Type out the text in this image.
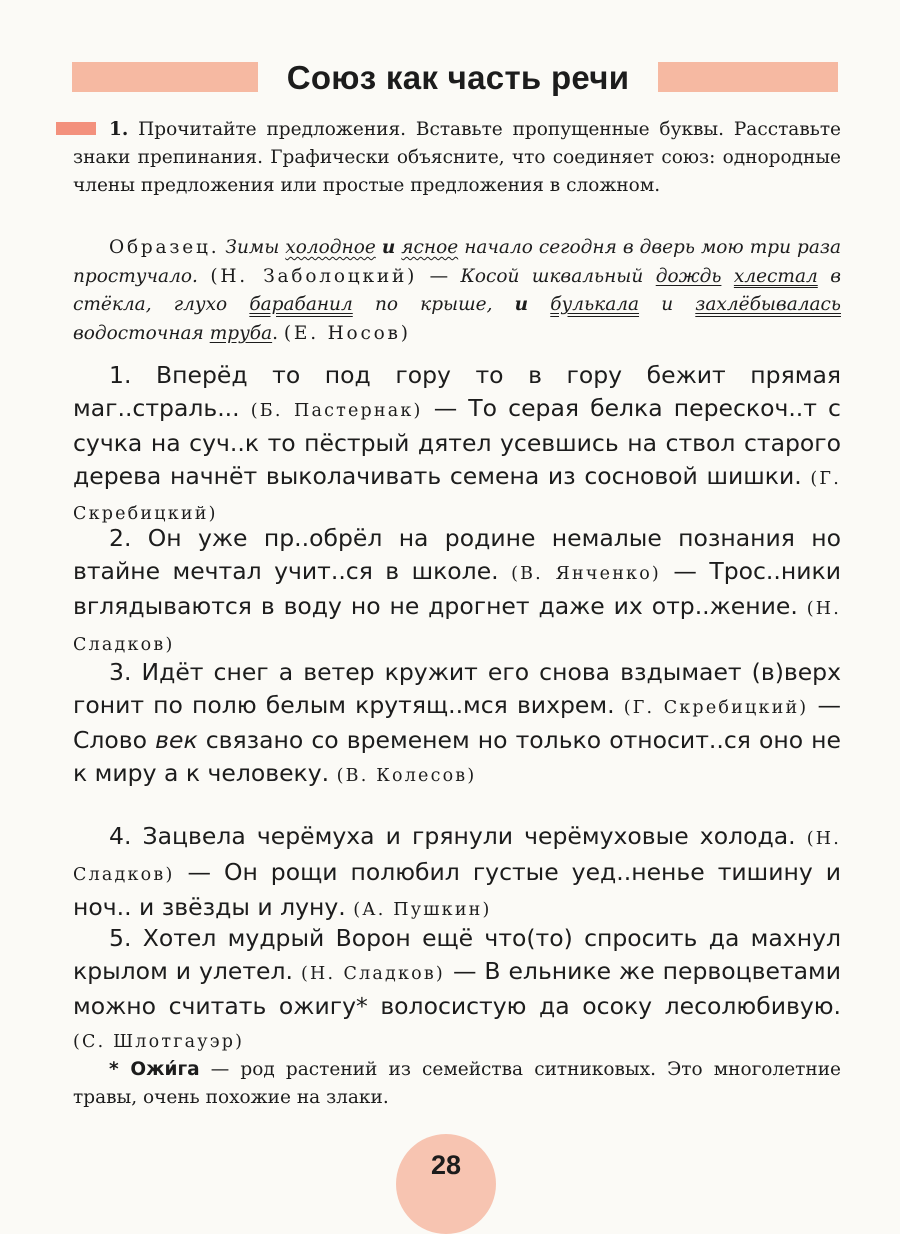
Союз как часть речи
1. Прочитайте предложения. Вставьте пропущенные буквы. Расставьте знаки препинания. Графически объясните, что соединяет союз: однородные члены предложения или простые предложения в сложном.
Образец. Зимы холодное и ясное начало сегодня в дверь мою три раза простучало. (Н. Заболоцкий) — Косой шквальный дождь хлестал в стёкла, глухо барабанил по крыше, и булькала и захлёбывалась водосточная труба. (Е. Носов)
1. Вперёд то под гору то в гору бежит прямая маг..страль... (Б. Пастернак) — То серая белка перескоч..т с сучка на суч..к то пёстрый дятел усевшись на ствол старого дерева начнёт выколачивать семена из сосновой шишки. (Г. Скребицкий)
2. Он уже пр..обрёл на родине немалые познания но втайне мечтал учит..ся в школе. (В. Янченко) — Трос..ники вглядываются в воду но не дрогнет даже их отр..жение. (Н. Сладков)
3. Идёт снег а ветер кружит его снова вздымает (в)верх гонит по полю белым крутящ..мся вихрем. (Г. Скребицкий) — Слово век связано со временем но только относит..ся оно не к миру а к человеку. (В. Колесов)
4. Зацвела черёмуха и грянули черёмуховые холода. (Н. Сладков) — Он рощи полюбил густые уед..ненье тишину и ноч.. и звёзды и луну. (А. Пушкин)
5. Хотел мудрый Ворон ещё что(то) спросить да махнул крылом и улетел. (Н. Сладков) — В ельнике же первоцветами можно считать ожигу* волосистую да осоку лесолюбивую. (С. Шлотгауэр)
* Ожи́га — род растений из семейства ситниковых. Это многолетние травы, очень похожие на злаки.
28
